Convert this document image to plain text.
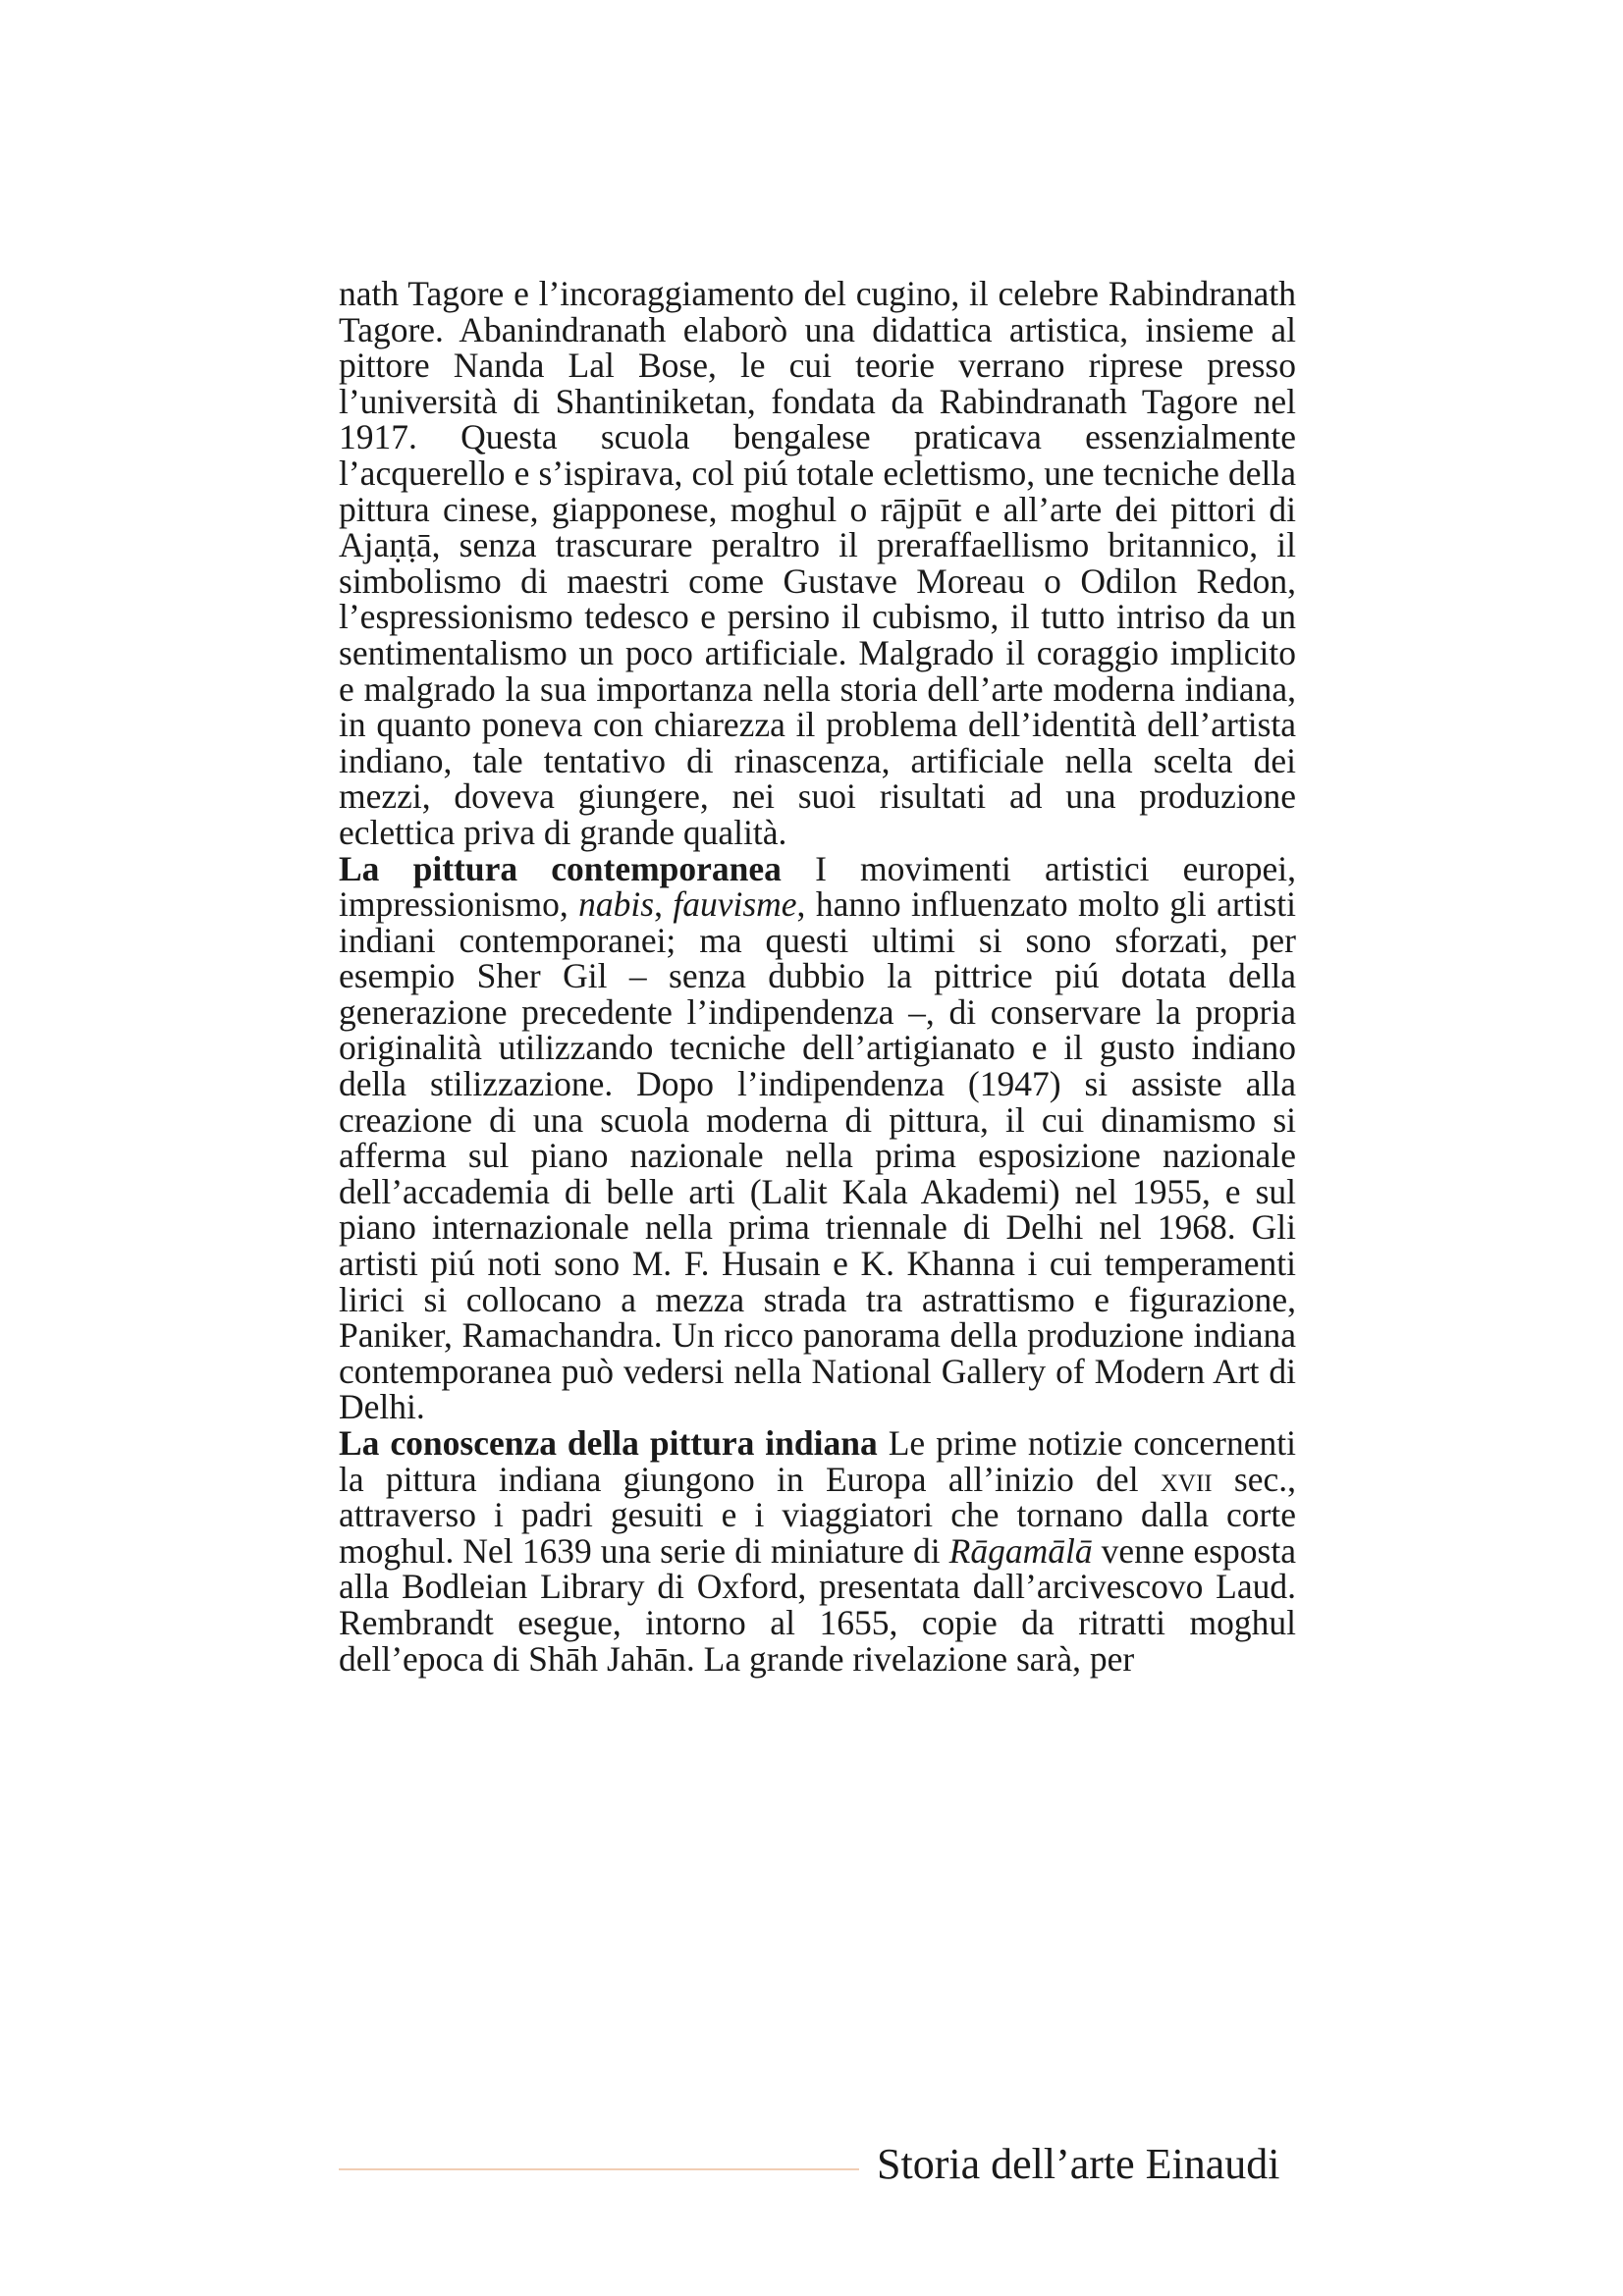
nath Tagore e l’incoraggiamento del cugino, il celebre Rabindranath Tagore. Abanindranath elaborò una didattica artistica, insieme al pittore Nanda Lal Bose, le cui teorie verrano riprese presso l’università di Shantiniketan, fondata da Rabindranath Tagore nel 1917. Questa scuola bengalese praticava essenzialmente l’acquerello e s’ispirava, col piú totale eclettismo, une tecniche della pittura cinese, giapponese, moghul o rājpūt e all’arte dei pittori di Ajaṇṭā, senza trascurare peraltro il preraffaellismo britannico, il simbolismo di maestri come Gustave Moreau o Odilon Redon, l’espressionismo tedesco e persino il cubismo, il tutto intriso da un sentimentalismo un poco artificiale. Malgrado il coraggio implicito e malgrado la sua importanza nella storia dell’arte moderna indiana, in quanto poneva con chiarezza il problema dell’identità dell’artista indiano, tale tentativo di rinascenza, artificiale nella scelta dei mezzi, doveva giungere, nei suoi risultati ad una produzione eclettica priva di grande qualità.

La pittura contemporanea I movimenti artistici europei, impressionismo, nabis, fauvisme, hanno influenzato molto gli artisti indiani contemporanei; ma questi ultimi si sono sforzati, per esempio Sher Gil – senza dubbio la pittrice piú dotata della generazione precedente l’indipendenza –, di conservare la propria originalità utilizzando tecniche dell’artigianato e il gusto indiano della stilizzazione. Dopo l’indipendenza (1947) si assiste alla creazione di una scuola moderna di pittura, il cui dinamismo si afferma sul piano nazionale nella prima esposizione nazionale dell’accademia di belle arti (Lalit Kala Akademi) nel 1955, e sul piano internazionale nella prima triennale di Delhi nel 1968. Gli artisti piú noti sono M. F. Husain e K. Khanna i cui temperamenti lirici si collocano a mezza strada tra astrattismo e figurazione, Paniker, Ramachandra. Un ricco panorama della produzione indiana contemporanea può vedersi nella National Gallery of Modern Art di Delhi.

La conoscenza della pittura indiana Le prime notizie concernenti la pittura indiana giungono in Europa all’inizio del xvii sec., attraverso i padri gesuiti e i viaggiatori che tornano dalla corte moghul. Nel 1639 una serie di miniature di Rāgamālā venne esposta alla Bodleian Library di Oxford, presentata dall’arcivescovo Laud. Rembrandt esegue, intorno al 1655, copie da ritratti moghul dell’epoca di Shāh Jahān. La grande rivelazione sarà, per

Storia dell’arte Einaudi
